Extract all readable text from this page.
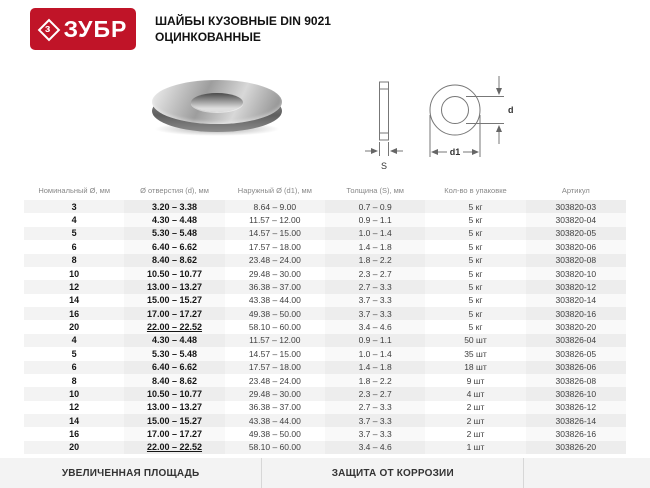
з ЗУБР ШАЙБЫ КУЗОВНЫЕ DIN 9021
ОЦИНКОВАННЫЕ
S
d1
d
Номинальный Ø, мм	Ø отверстия (d), мм	Наружный Ø (d1), мм	Толщина (S), мм	Кол-во в упаковке	Артикул
3	3.20 – 3.38	8.64 – 9.00	0.7 – 0.9	5 кг	303820-03
4	4.30 – 4.48	11.57 – 12.00	0.9 – 1.1	5 кг	303820-04
5	5.30 – 5.48	14.57 – 15.00	1.0 – 1.4	5 кг	303820-05
6	6.40 – 6.62	17.57 – 18.00	1.4 – 1.8	5 кг	303820-06
8	8.40 – 8.62	23.48 – 24.00	1.8 – 2.2	5 кг	303820-08
10	10.50 – 10.77	29.48 – 30.00	2.3 – 2.7	5 кг	303820-10
12	13.00 – 13.27	36.38 – 37.00	2.7 – 3.3	5 кг	303820-12
14	15.00 – 15.27	43.38 – 44.00	3.7 – 3.3	5 кг	303820-14
16	17.00 – 17.27	49.38 – 50.00	3.7 – 3.3	5 кг	303820-16
20	22.00 – 22.52	58.10 – 60.00	3.4 – 4.6	5 кг	303820-20
4	4.30 – 4.48	11.57 – 12.00	0.9 – 1.1	50 шт	303826-04
5	5.30 – 5.48	14.57 – 15.00	1.0 – 1.4	35 шт	303826-05
6	6.40 – 6.62	17.57 – 18.00	1.4 – 1.8	18 шт	303826-06
8	8.40 – 8.62	23.48 – 24.00	1.8 – 2.2	9 шт	303826-08
10	10.50 – 10.77	29.48 – 30.00	2.3 – 2.7	4 шт	303826-10
12	13.00 – 13.27	36.38 – 37.00	2.7 – 3.3	2 шт	303826-12
14	15.00 – 15.27	43.38 – 44.00	3.7 – 3.3	2 шт	303826-14
16	17.00 – 17.27	49.38 – 50.00	3.7 – 3.3	2 шт	303826-16
20	22.00 – 22.52	58.10 – 60.00	3.4 – 4.6	1 шт	303826-20
УВЕЛИЧЕННАЯ ПЛОЩАДЬ	ЗАЩИТА ОТ КОРРОЗИИ
